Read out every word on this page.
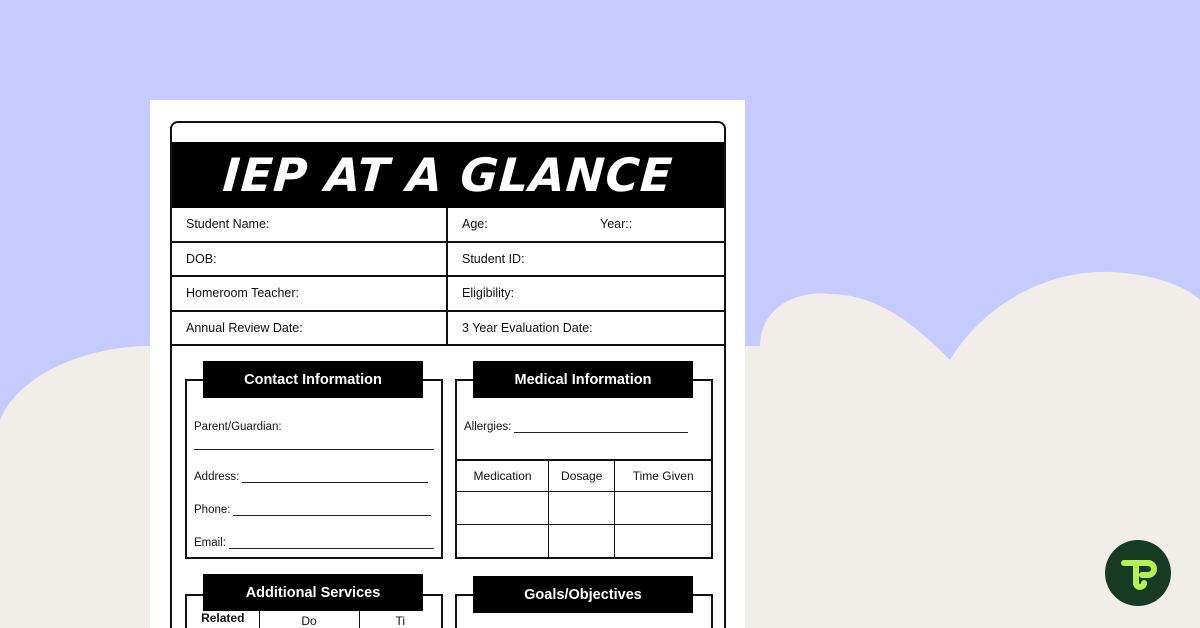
IEP AT A GLANCE
Student Name:	Age:	Year::
DOB:	Student ID:
Homeroom Teacher:	Eligibility:
Annual Review Date:	3 Year Evaluation Date:
Parent/Guardian:
Address:
Phone:
Email:
Contact Information
Allergies:
Medication	Dosage	Time Given

Medical Information
Related	Do	Ti
Additional Services	Goals/Objectives
